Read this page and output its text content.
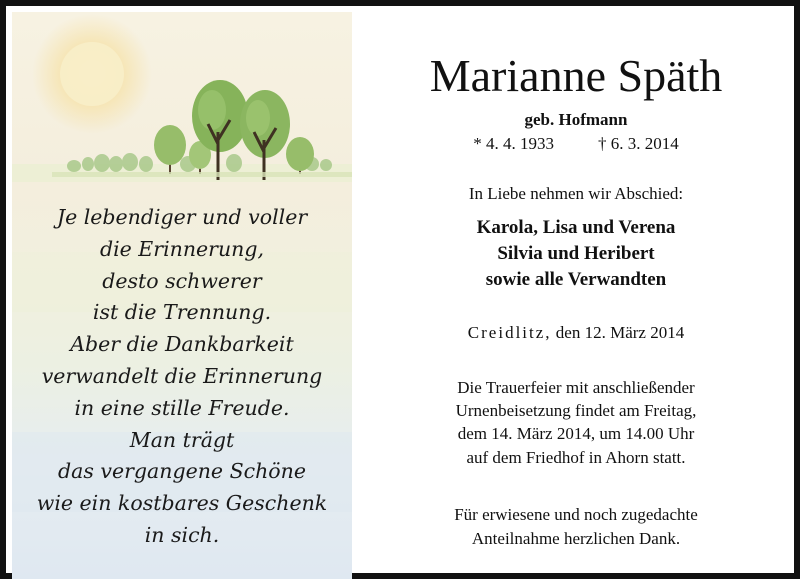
Je lebendiger und voller
die Erinnerung,
desto schwerer
ist die Trennung.
Aber die Dankbarkeit
verwandelt die Erinnerung
in eine stille Freude.
Man trägt
das vergangene Schöne
wie ein kostbares Geschenk
in sich.
Marianne Späth
geb. Hofmann
* 4. 4. 1933	† 6. 3. 2014
In Liebe nehmen wir Abschied:
Karola, Lisa und Verena
Silvia und Heribert
sowie alle Verwandten
Creidlitz, den 12. März 2014
Die Trauerfeier mit anschließender
Urnenbeisetzung findet am Freitag,
dem 14. März 2014, um 14.00 Uhr
auf dem Friedhof in Ahorn statt.
Für erwiesene und noch zugedachte
Anteilnahme herzlichen Dank.
